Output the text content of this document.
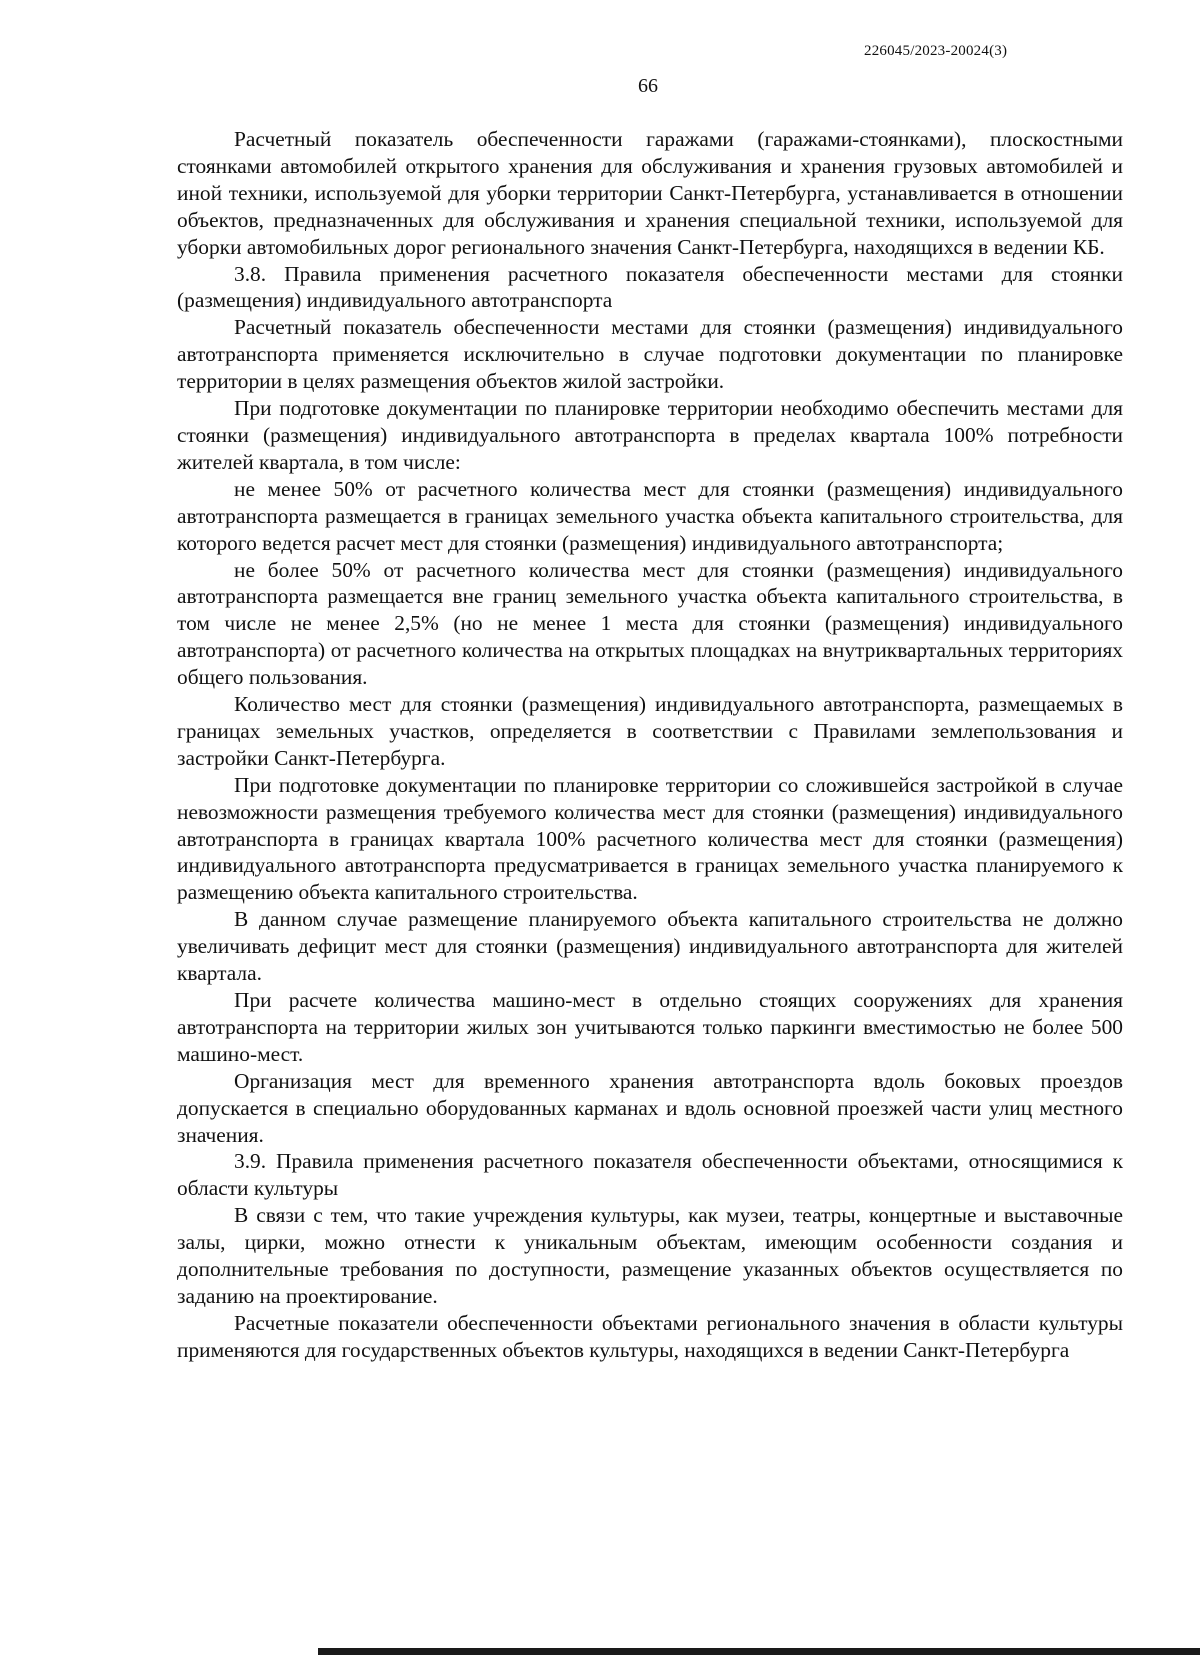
226045/2023-20024(3)
66

Расчетный показатель обеспеченности гаражами (гаражами-стоянками), плоскостными стоянками автомобилей открытого хранения для обслуживания и хранения грузовых автомобилей и иной техники, используемой для уборки территории Санкт-Петербурга, устанавливается в отношении объектов, предназначенных для обслуживания и хранения специальной техники, используемой для уборки автомобильных дорог регионального значения Санкт-Петербурга, находящихся в ведении КБ.

3.8. Правила применения расчетного показателя обеспеченности местами для стоянки (размещения) индивидуального автотранспорта

Расчетный показатель обеспеченности местами для стоянки (размещения) индивидуального автотранспорта применяется исключительно в случае подготовки документации по планировке территории в целях размещения объектов жилой застройки.

При подготовке документации по планировке территории необходимо обеспечить местами для стоянки (размещения) индивидуального автотранспорта в пределах квартала 100% потребности жителей квартала, в том числе:

не менее 50% от расчетного количества мест для стоянки (размещения) индивидуального автотранспорта размещается в границах земельного участка объекта капитального строительства, для которого ведется расчет мест для стоянки (размещения) индивидуального автотранспорта;

не более 50% от расчетного количества мест для стоянки (размещения) индивидуального автотранспорта размещается вне границ земельного участка объекта капитального строительства, в том числе не менее 2,5% (но не менее 1 места для стоянки (размещения) индивидуального автотранспорта) от расчетного количества на открытых площадках на внутриквартальных территориях общего пользования.

Количество мест для стоянки (размещения) индивидуального автотранспорта, размещаемых в границах земельных участков, определяется в соответствии с Правилами землепользования и застройки Санкт-Петербурга.

При подготовке документации по планировке территории со сложившейся застройкой в случае невозможности размещения требуемого количества мест для стоянки (размещения) индивидуального автотранспорта в границах квартала 100% расчетного количества мест для стоянки (размещения) индивидуального автотранспорта предусматривается в границах земельного участка планируемого к размещению объекта капитального строительства.

В данном случае размещение планируемого объекта капитального строительства не должно увеличивать дефицит мест для стоянки (размещения) индивидуального автотранспорта для жителей квартала.

При расчете количества машино-мест в отдельно стоящих сооружениях для хранения автотранспорта на территории жилых зон учитываются только паркинги вместимостью не более 500 машино-мест.

Организация мест для временного хранения автотранспорта вдоль боковых проездов допускается в специально оборудованных карманах и вдоль основной проезжей части улиц местного значения.

3.9. Правила применения расчетного показателя обеспеченности объектами, относящимися к области культуры

В связи с тем, что такие учреждения культуры, как музеи, театры, концертные и выставочные залы, цирки, можно отнести к уникальным объектам, имеющим особенности создания и дополнительные требования по доступности, размещение указанных объектов осуществляется по заданию на проектирование.

Расчетные показатели обеспеченности объектами регионального значения в области культуры применяются для государственных объектов культуры, находящихся в ведении Санкт-Петербурга
